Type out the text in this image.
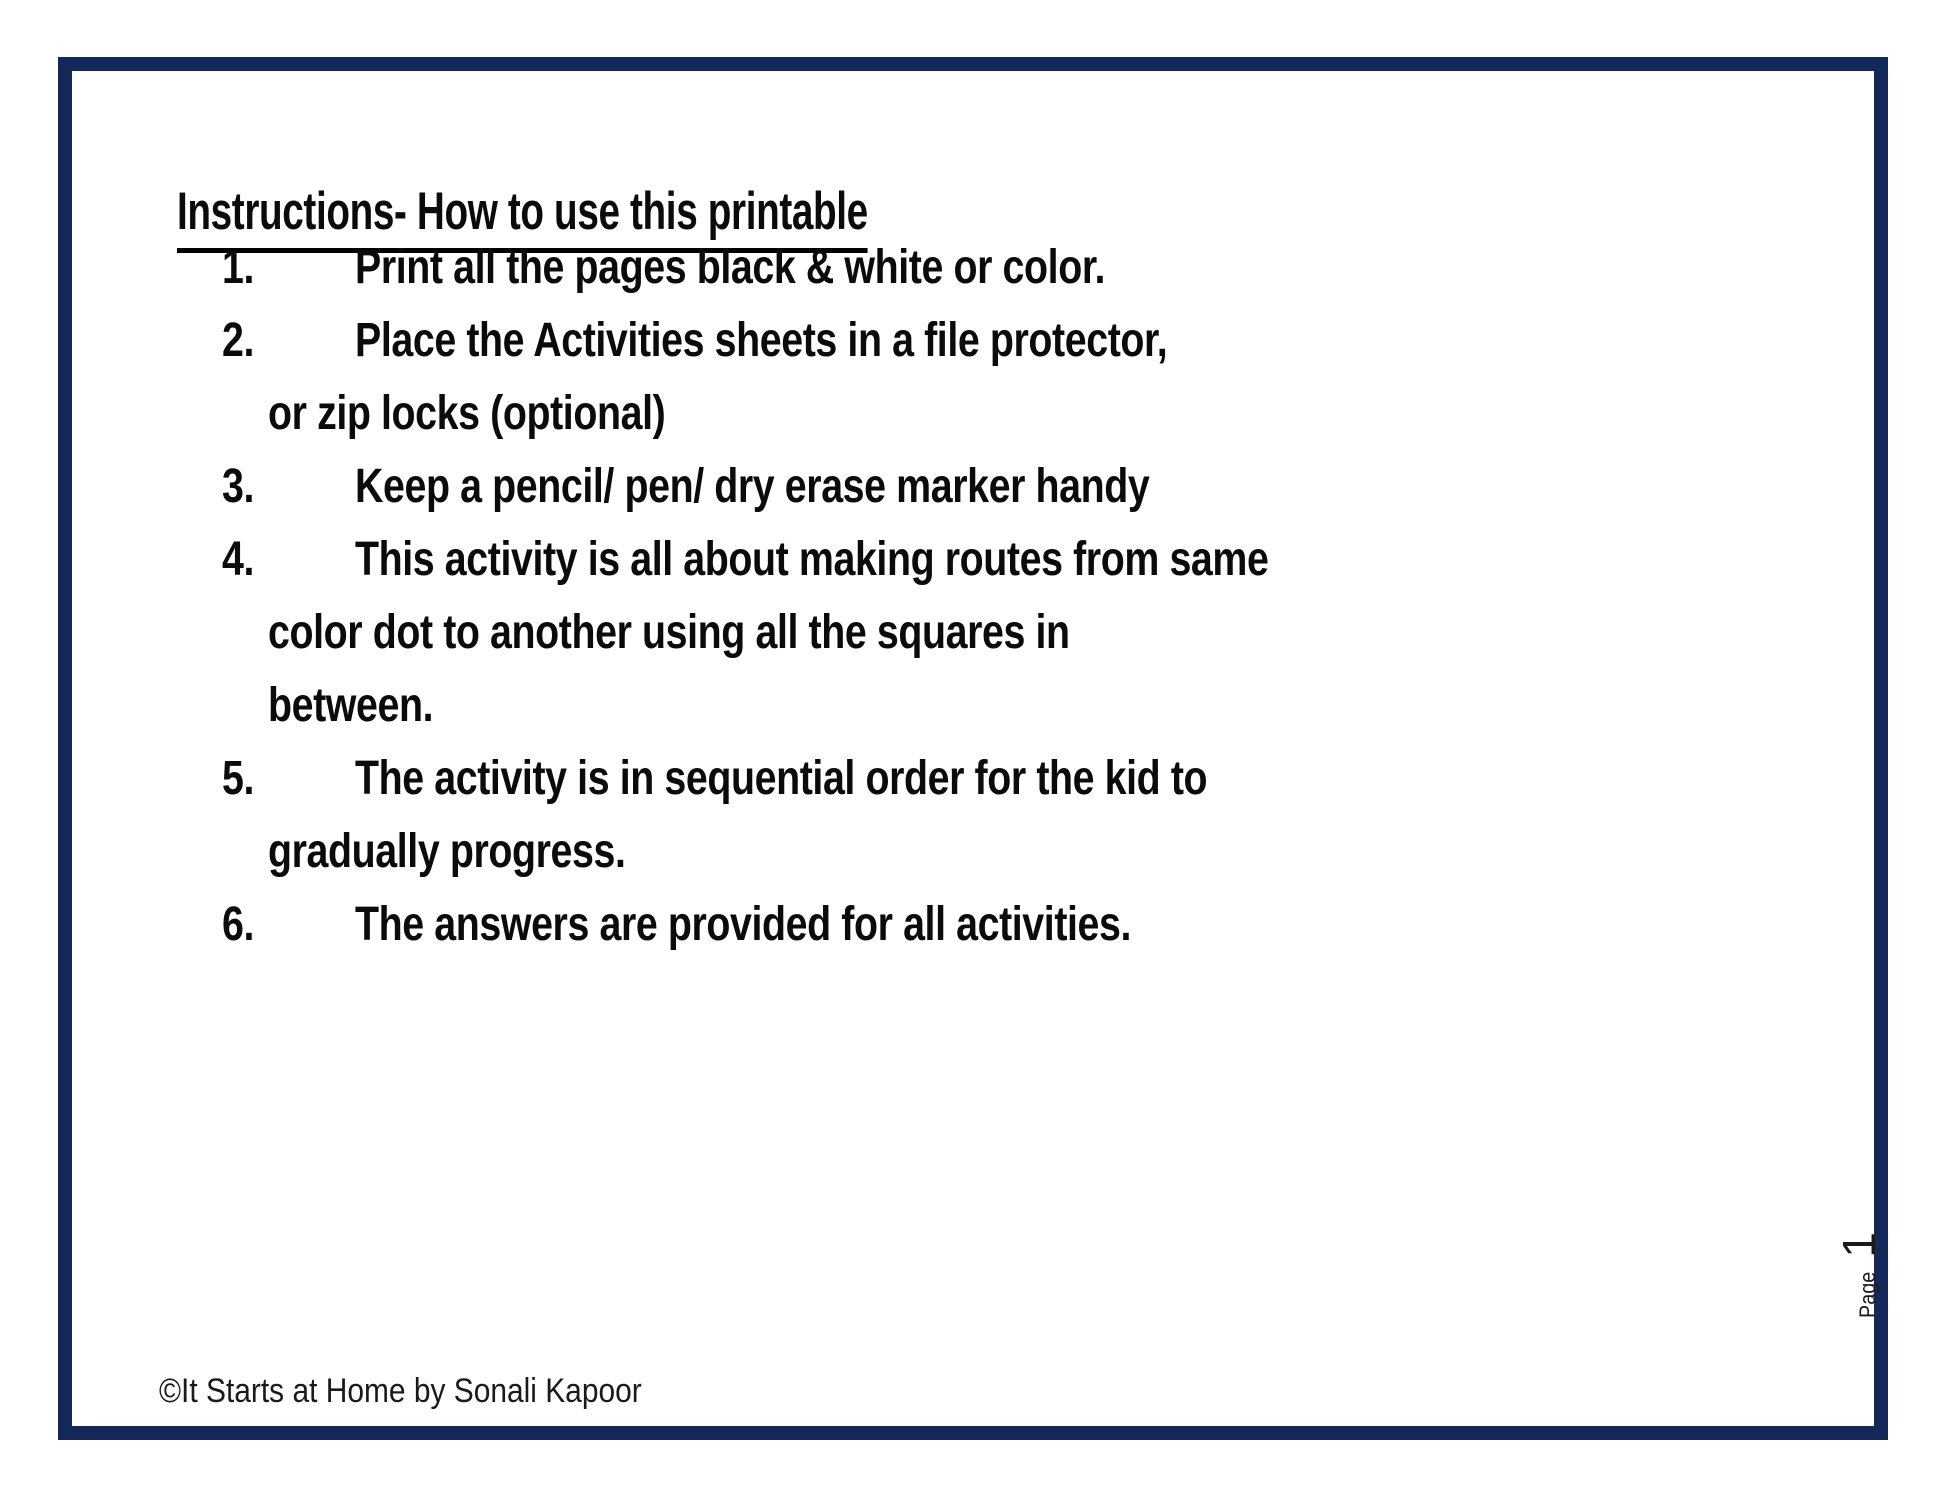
Instructions- How to use this printable
1. Print all the pages black & white or color.
2. Place the Activities sheets in a file protector,
or zip locks (optional)
3. Keep a pencil/ pen/ dry erase marker handy
4. This activity is all about making routes from same
color dot to another using all the squares in
between.
5. The activity is in sequential order for the kid to
gradually progress.
6. The answers are provided for all activities.
©It Starts at Home by Sonali Kapoor
Page
1
